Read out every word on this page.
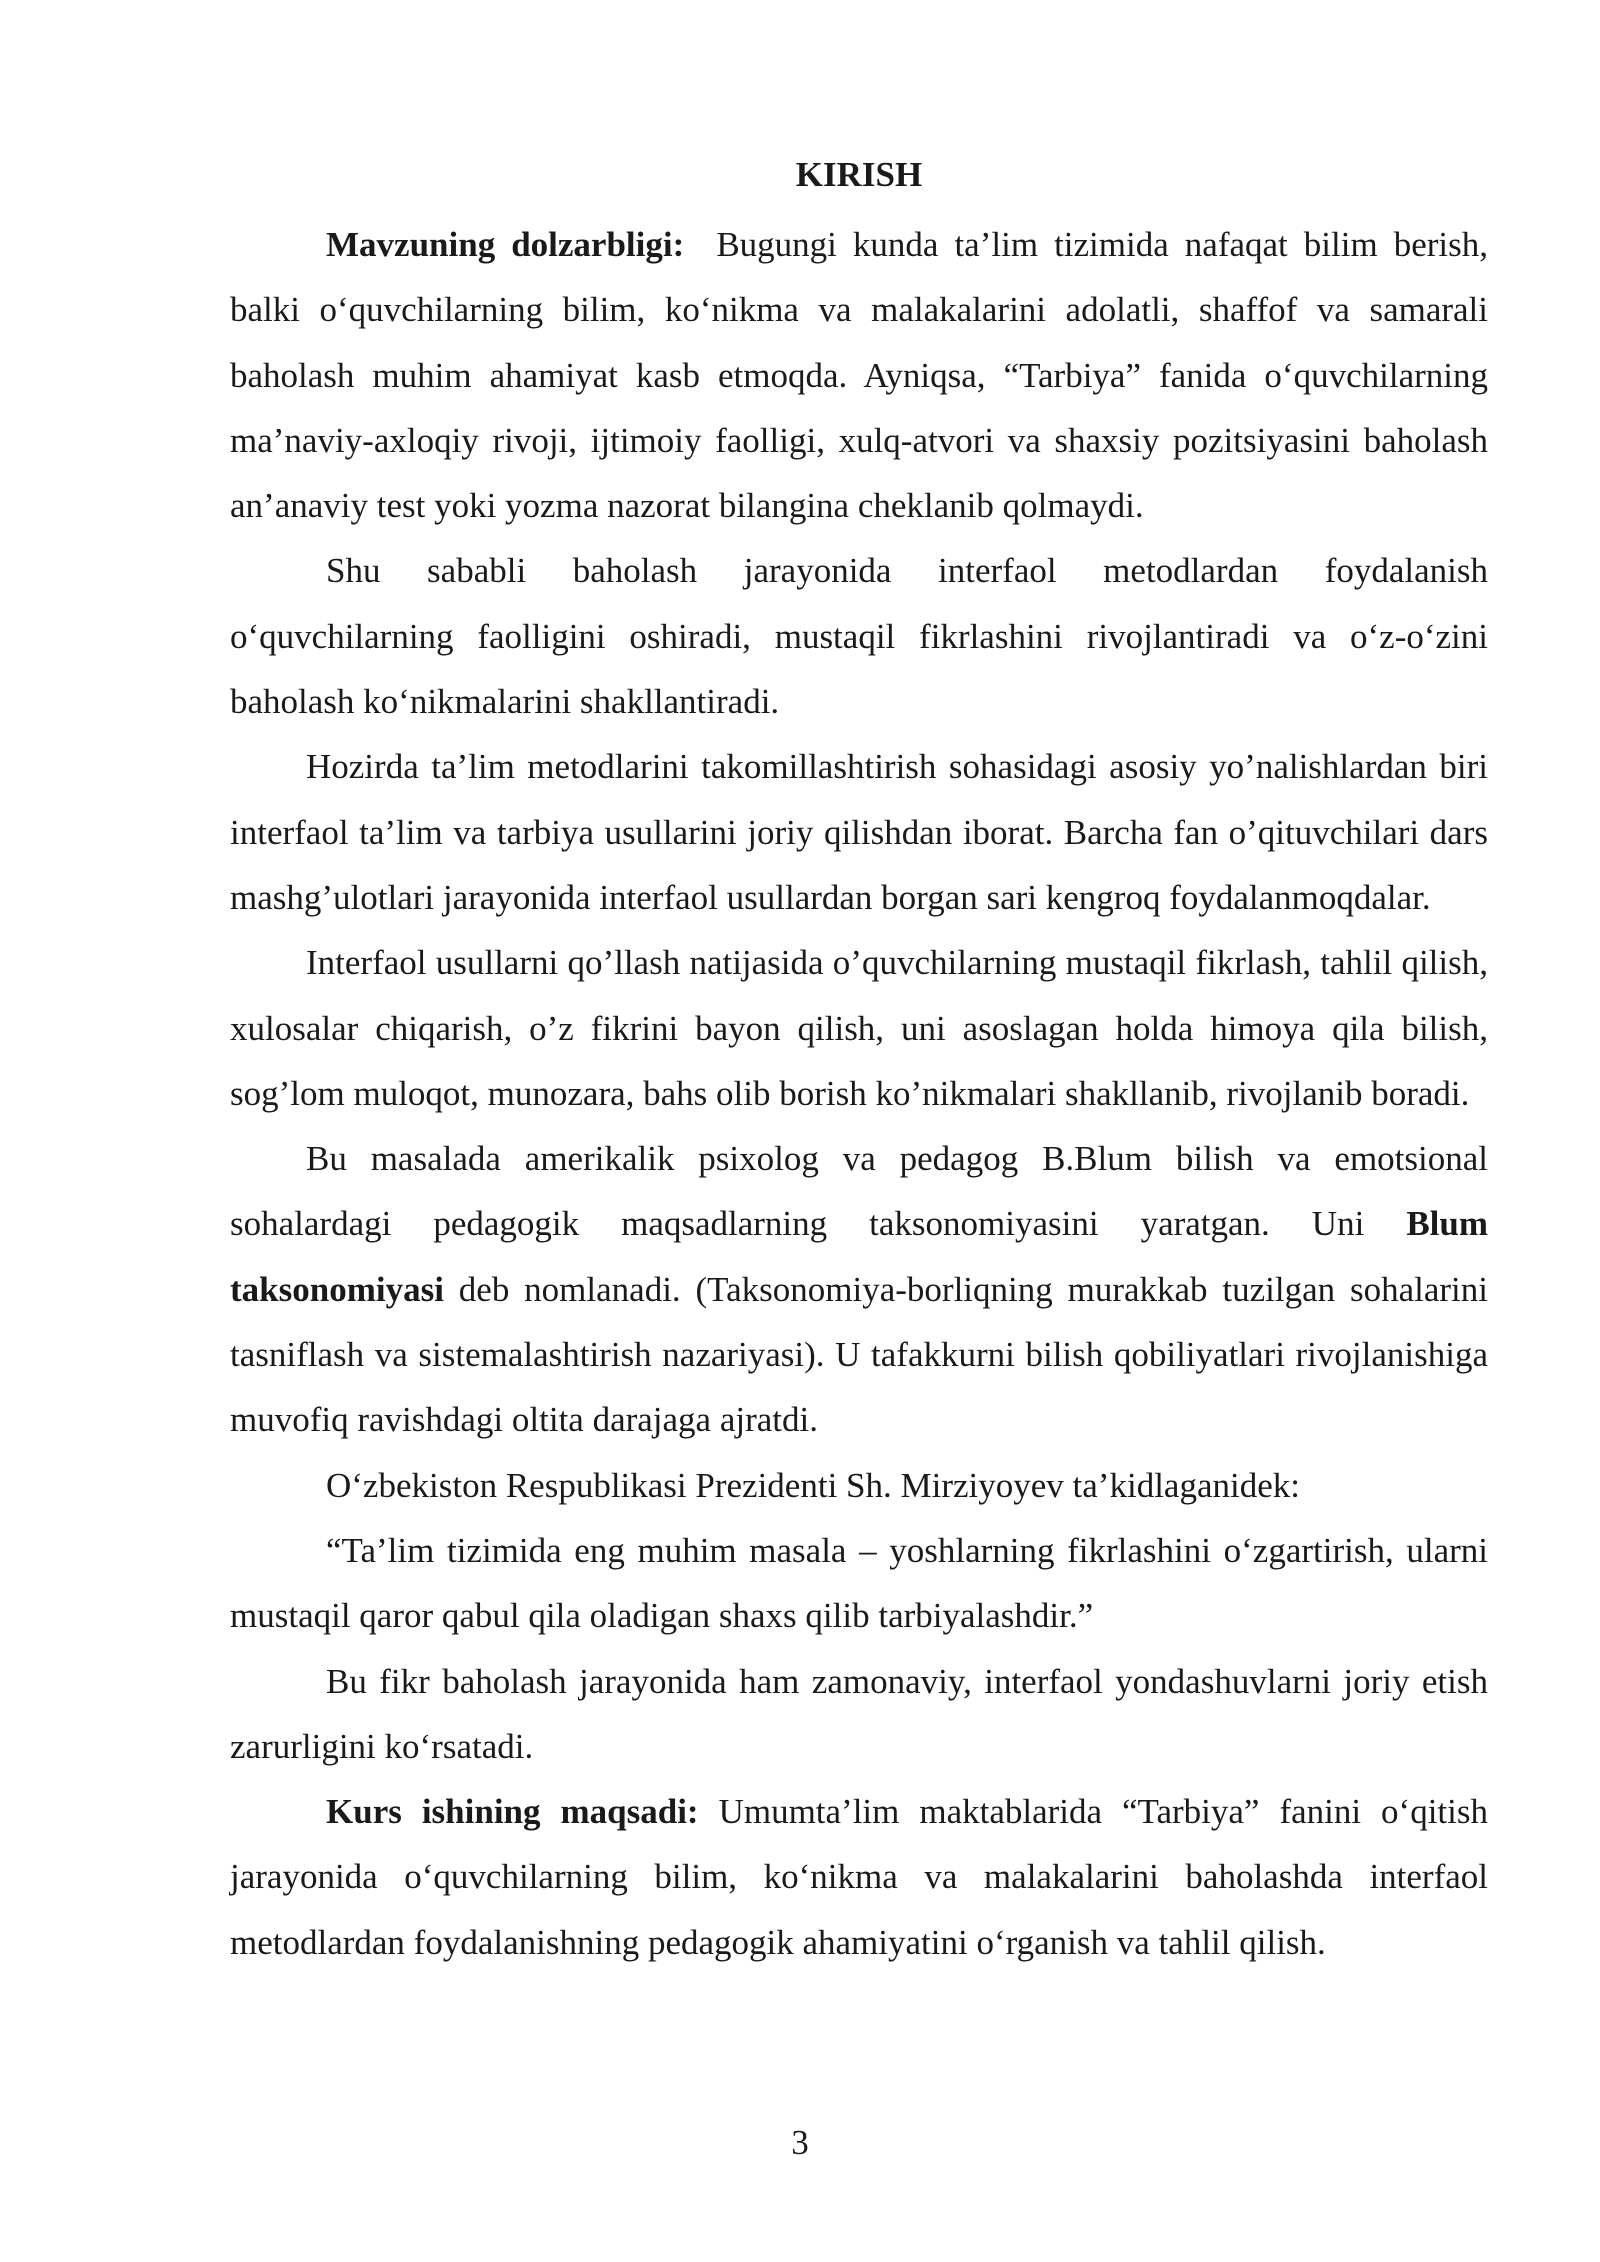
KIRISH

Mavzuning dolzarbligi: Bugungi kunda ta’lim tizimida nafaqat bilim berish, balki o‘quvchilarning bilim, ko‘nikma va malakalarini adolatli, shaffof va samarali baholash muhim ahamiyat kasb etmoqda. Ayniqsa, “Tarbiya” fanida o‘quvchilarning ma’naviy-axloqiy rivoji, ijtimoiy faolligi, xulq-atvori va shaxsiy pozitsiyasini baholash an’anaviy test yoki yozma nazorat bilangina cheklanib qolmaydi.

Shu sababli baholash jarayonida interfaol metodlardan foydalanish o‘quvchilarning faolligini oshiradi, mustaqil fikrlashini rivojlantiradi va o‘z-o‘zini baholash ko‘nikmalarini shakllantiradi.

Hozirda ta’lim metodlarini takomillashtirish sohasidagi asosiy yo’nalishlardan biri interfaol ta’lim va tarbiya usullarini joriy qilishdan iborat. Barcha fan o’qituvchilari dars mashg’ulotlari jarayonida interfaol usullardan borgan sari kengroq foydalanmoqdalar.

Interfaol usullarni qo’llash natijasida o’quvchilarning mustaqil fikrlash, tahlil qilish, xulosalar chiqarish, o’z fikrini bayon qilish, uni asoslagan holda himoya qila bilish, sog’lom muloqot, munozara, bahs olib borish ko’nikmalari shakllanib, rivojlanib boradi.

Bu masalada amerikalik psixolog va pedagog B.Blum bilish va emotsional sohalardagi pedagogik maqsadlarning taksonomiyasini yaratgan. Uni Blum taksonomiyasi deb nomlanadi. (Taksonomiya-borliqning murakkab tuzilgan sohalarini tasniflash va sistemalashtirish nazariyasi). U tafakkurni bilish qobiliyatlari rivojlanishiga muvofiq ravishdagi oltita darajaga ajratdi.

O‘zbekiston Respublikasi Prezidenti Sh. Mirziyoyev ta’kidlaganidek:

“Ta’lim tizimida eng muhim masala – yoshlarning fikrlashini o‘zgartirish, ularni mustaqil qaror qabul qila oladigan shaxs qilib tarbiyalashdir.”

Bu fikr baholash jarayonida ham zamonaviy, interfaol yondashuvlarni joriy etish zarurligini ko‘rsatadi.

Kurs ishining maqsadi: Umumta’lim maktablarida “Tarbiya” fanini o‘qitish jarayonida o‘quvchilarning bilim, ko‘nikma va malakalarini baholashda interfaol metodlardan foydalanishning pedagogik ahamiyatini o‘rganish va tahlil qilish.

3
